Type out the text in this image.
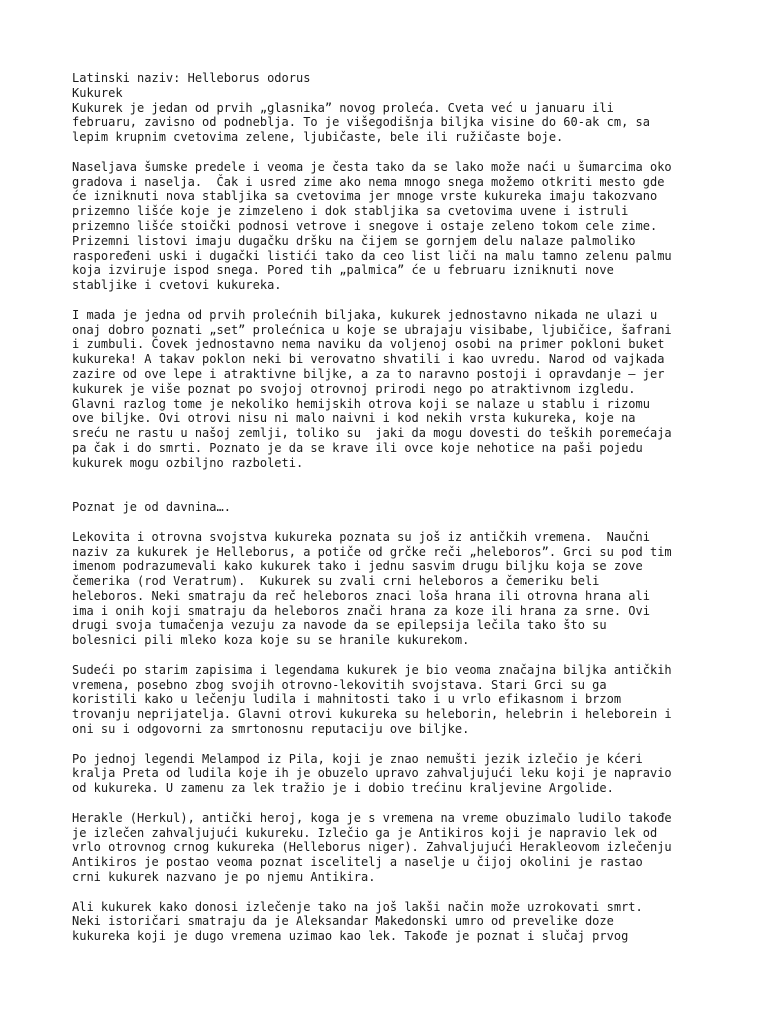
Latinski naziv: Helleborus odorus
Kukurek
Kukurek je jedan od prvih „glasnika” novog proleća. Cveta već u januaru ili
februaru, zavisno od podneblja. To je višegodišnja biljka visine do 60-ak cm, sa
lepim krupnim cvetovima zelene, ljubičaste, bele ili ružičaste boje.
Naseljava šumske predele i veoma je česta tako da se lako može naći u šumarcima oko
gradova i naselja.  Čak i usred zime ako nema mnogo snega možemo otkriti mesto gde
će izniknuti nova stabljika sa cvetovima jer mnoge vrste kukureka imaju takozvano
prizemno lišće koje je zimzeleno i dok stabljika sa cvetovima uvene i istruli
prizemno lišće stoički podnosi vetrove i snegove i ostaje zeleno tokom cele zime.
Prizemni listovi imaju dugačku dršku na čijem se gornjem delu nalaze palmoliko
raspoređeni uski i dugački listići tako da ceo list liči na malu tamno zelenu palmu
koja izviruje ispod snega. Pored tih „palmica” će u februaru izniknuti nove
stabljike i cvetovi kukureka.
I mada je jedna od prvih prolećnih biljaka, kukurek jednostavno nikada ne ulazi u
onaj dobro poznati „set” prolećnica u koje se ubrajaju visibabe, ljubičice, šafrani
i zumbuli. Čovek jednostavno nema naviku da voljenoj osobi na primer pokloni buket
kukureka! A takav poklon neki bi verovatno shvatili i kao uvredu. Narod od vajkada
zazire od ove lepe i atraktivne biljke, a za to naravno postoji i opravdanje – jer
kukurek je više poznat po svojoj otrovnoj prirodi nego po atraktivnom izgledu.
Glavni razlog tome je nekoliko hemijskih otrova koji se nalaze u stablu i rizomu
ove biljke. Ovi otrovi nisu ni malo naivni i kod nekih vrsta kukureka, koje na
sreću ne rastu u našoj zemlji, toliko su  jaki da mogu dovesti do teških poremećaja
pa čak i do smrti. Poznato je da se krave ili ovce koje nehotice na paši pojedu
kukurek mogu ozbiljno razboleti.
Poznat je od davnina….
Lekovita i otrovna svojstva kukureka poznata su još iz antičkih vremena.  Naučni
naziv za kukurek je Helleborus, a potiče od grčke reči „heleboros”. Grci su pod tim
imenom podrazumevali kako kukurek tako i jednu sasvim drugu biljku koja se zove
čemerika (rod Veratrum).  Kukurek su zvali crni heleboros a čemeriku beli
heleboros. Neki smatraju da reč heleboros znaci loša hrana ili otrovna hrana ali
ima i onih koji smatraju da heleboros znači hrana za koze ili hrana za srne. Ovi
drugi svoja tumačenja vezuju za navode da se epilepsija lečila tako što su
bolesnici pili mleko koza koje su se hranile kukurekom.
Sudeći po starim zapisima i legendama kukurek je bio veoma značajna biljka antičkih
vremena, posebno zbog svojih otrovno-lekovitih svojstava. Stari Grci su ga
koristili kako u lečenju ludila i mahnitosti tako i u vrlo efikasnom i brzom
trovanju neprijatelja. Glavni otrovi kukureka su heleborin, helebrin i heleborein i
oni su i odgovorni za smrtonosnu reputaciju ove biljke.
Po jednoj legendi Melampod iz Pila, koji je znao nemušti jezik izlečio je kćeri
kralja Preta od ludila koje ih je obuzelo upravo zahvaljujući leku koji je napravio
od kukureka. U zamenu za lek tražio je i dobio trećinu kraljevine Argolide.
Herakle (Herkul), antički heroj, koga je s vremena na vreme obuzimalo ludilo takođe
je izlečen zahvaljujući kukureku. Izlečio ga je Antikiros koji je napravio lek od
vrlo otrovnog crnog kukureka (Helleborus niger). Zahvaljujući Herakleovom izlečenju
Antikiros je postao veoma poznat iscelitelj a naselje u čijoj okolini je rastao
crni kukurek nazvano je po njemu Antikira.
Ali kukurek kako donosi izlečenje tako na još lakši način može uzrokovati smrt.
Neki istoričari smatraju da je Aleksandar Makedonski umro od prevelike doze
kukureka koji je dugo vremena uzimao kao lek. Takođe je poznat i slučaj prvog
